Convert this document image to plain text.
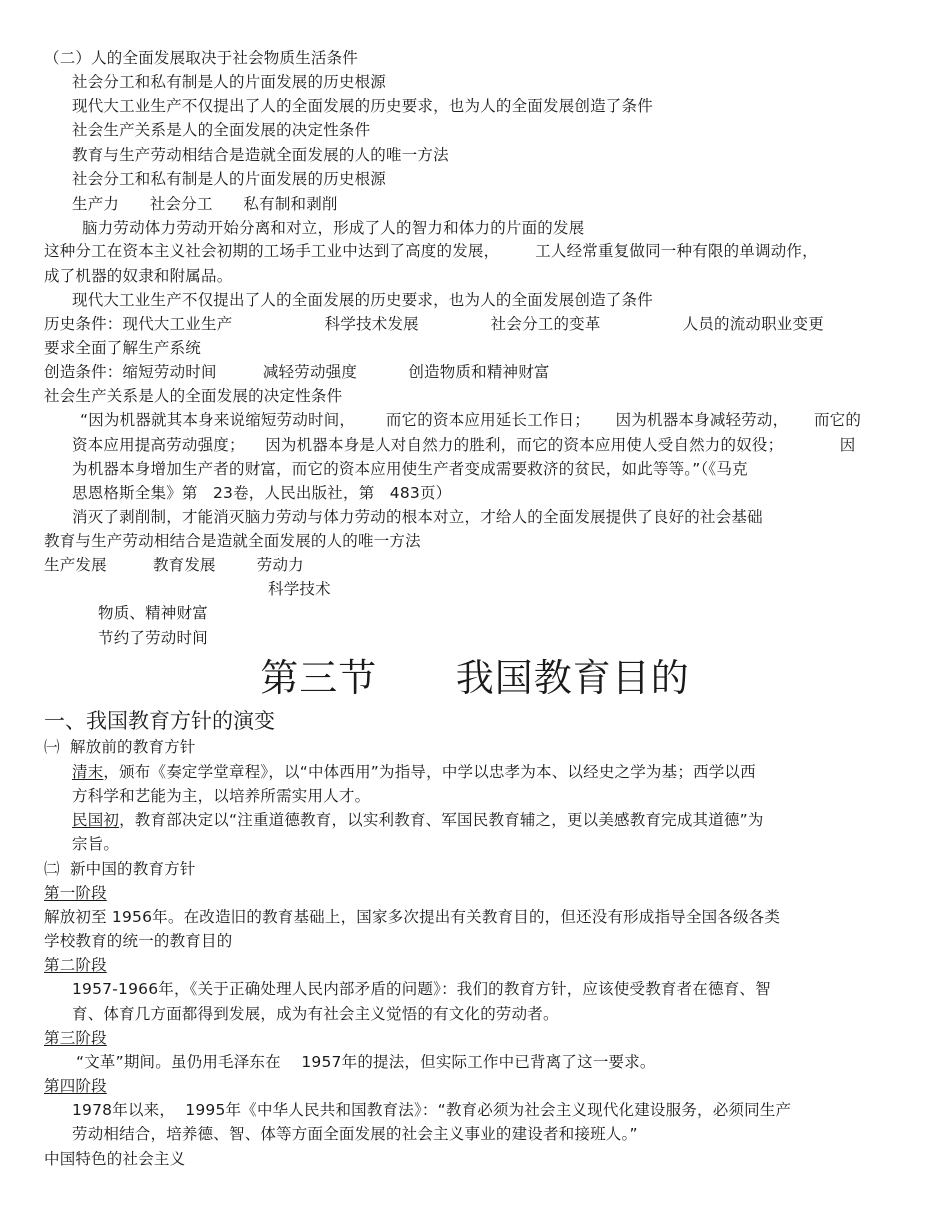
（二）人的全面发展取决于社会物质生活条件
社会分工和私有制是人的片面发展的历史根源
现代大工业生产不仅提出了人的全面发展的历史要求，也为人的全面发展创造了条件
社会生产关系是人的全面发展的决定性条件
教育与生产劳动相结合是造就全面发展的人的唯一方法
社会分工和私有制是人的片面发展的历史根源
生产力      社会分工      私有制和剥削
脑力劳动体力劳动开始分离和对立，形成了人的智力和体力的片面的发展
这种分工在资本主义社会初期的工场手工业中达到了高度的发展，       工人经常重复做同一种有限的单调动作，
成了机器的奴隶和附属品。
现代大工业生产不仅提出了人的全面发展的历史要求，也为人的全面发展创造了条件
历史条件：现代大工业生产                  科学技术发展              社会分工的变革                人员的流动职业变更
要求全面了解生产系统
创造条件：缩短劳动时间         减轻劳动强度          创造物质和精神财富
社会生产关系是人的全面发展的决定性条件
“因为机器就其本身来说缩短劳动时间，      而它的资本应用延长工作日；     因为机器本身减轻劳动，     而它的
资本应用提高劳动强度；    因为机器本身是人对自然力的胜利，而它的资本应用使人受自然力的奴役；           因
为机器本身增加生产者的财富，而它的资本应用使生产者变成需要救济的贫民，如此等等。”（《马克
思恩格斯全集》第   23卷，人民出版社，第   483页）
消灭了剥削制，才能消灭脑力劳动与体力劳动的根本对立，才给人的全面发展提供了良好的社会基础
教育与生产劳动相结合是造就全面发展的人的唯一方法
生产发展         教育发展        劳动力
科学技术
物质、精神财富
节约了劳动时间
第三节      我国教育目的
一、我国教育方针的演变
㈠  解放前的教育方针
清末，颁布《奏定学堂章程》，以“中体西用”为指导，中学以忠孝为本、以经史之学为基；西学以西
方科学和艺能为主，以培养所需实用人才。
民国初，教育部决定以“注重道德教育，以实利教育、军国民教育辅之，更以美感教育完成其道德”为
宗旨。
㈡  新中国的教育方针
第一阶段
解放初至 1956年。在改造旧的教育基础上，国家多次提出有关教育目的，但还没有形成指导全国各级各类
学校教育的统一的教育目的
第二阶段
1957-1966年，《关于正确处理人民内部矛盾的问题》：我们的教育方针，应该使受教育者在德育、智
育、体育几方面都得到发展，成为有社会主义觉悟的有文化的劳动者。
第三阶段
“文革”期间。虽仍用毛泽东在    1957年的提法，但实际工作中已背离了这一要求。
第四阶段
1978年以来，  1995年《中华人民共和国教育法》：“教育必须为社会主义现代化建设服务，必须同生产
劳动相结合，培养德、智、体等方面全面发展的社会主义事业的建设者和接班人。”
中国特色的社会主义
